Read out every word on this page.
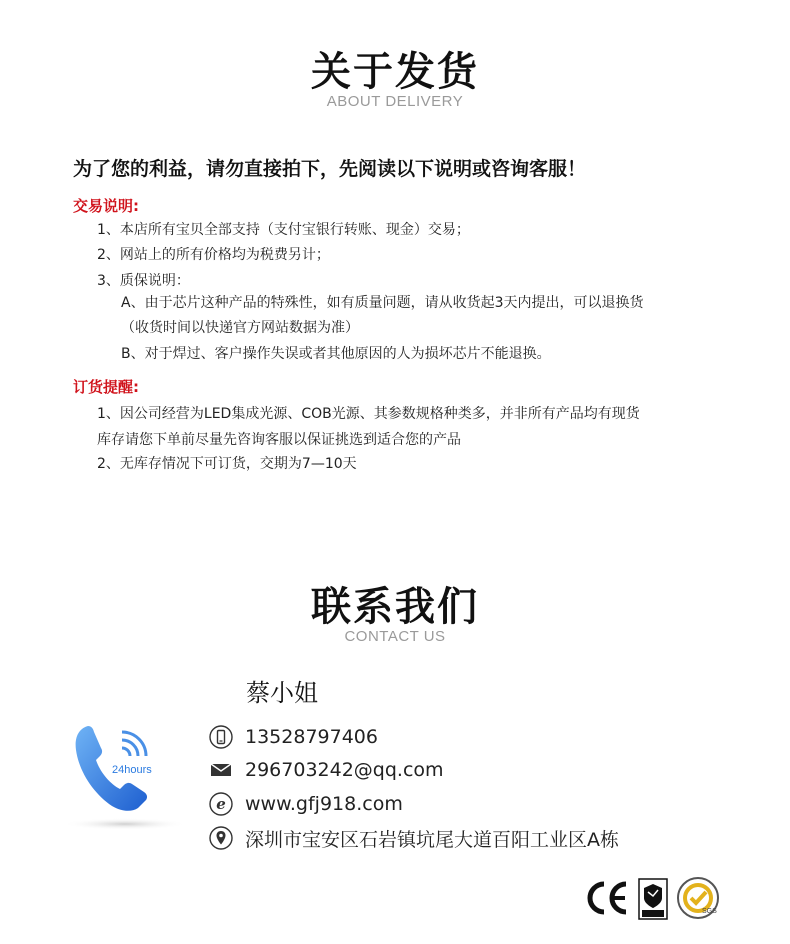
关于发货
ABOUT DELIVERY
为了您的利益，请勿直接拍下，先阅读以下说明或咨询客服！
交易说明:
1、本店所有宝贝全部支持（支付宝银行转账、现金）交易；
2、网站上的所有价格均为税费另计；
3、质保说明：
A、由于芯片这种产品的特殊性，如有质量问题，请从收货起3天内提出，可以退换货
（收货时间以快递官方网站数据为准）
B、对于焊过、客户操作失误或者其他原因的人为损坏芯片不能退换。
订货提醒:
1、因公司经营为LED集成光源、COB光源、其参数规格种类多，并非所有产品均有现货
库存请您下单前尽量先咨询客服以保证挑选到适合您的产品
2、无库存情况下可订货，交期为7—10天
联系我们
CONTACT US
蔡小姐
24hours
13528797406
296703242@qq.com
e www.gfj918.com
深圳市宝安区石岩镇坑尾大道百阳工业区A栋
SGS
